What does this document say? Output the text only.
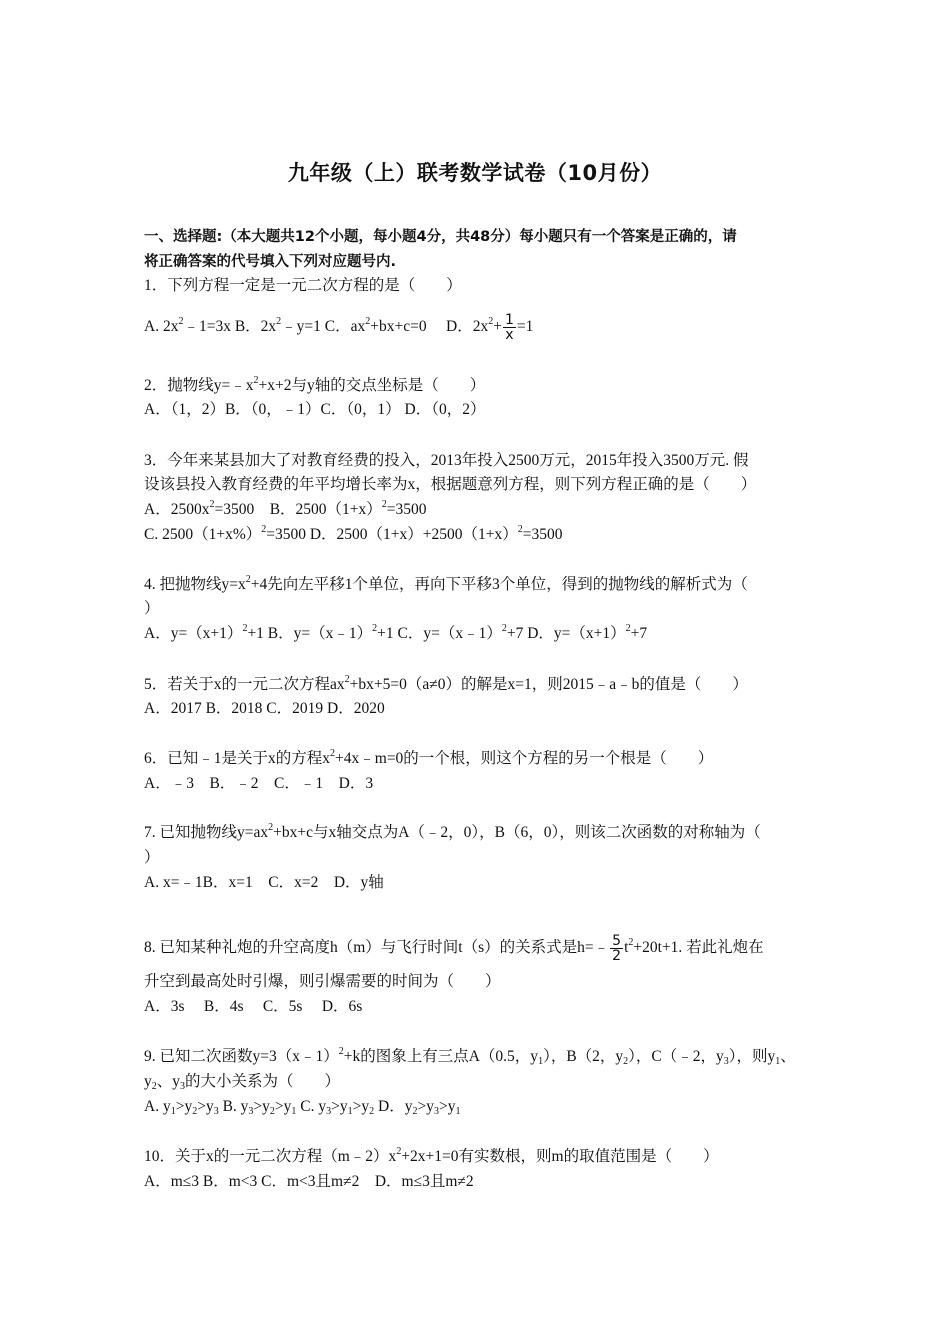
九年级（上）联考数学试卷（10月份）
一、选择题:（本大题共12个小题，每小题4分，共48分）每小题只有一个答案是正确的，请
将正确答案的代号填入下列对应题号内.
1．下列方程一定是一元二次方程的是（　　）
A. $2x^2﹣1=3x$ B．$2x^2﹣y=1$ C．$ax^2+bx+c=0$　 D．$2x^2+ \frac{1}{x} =1$
2．抛物线$y=﹣x^2+x+2$与y轴的交点坐标是（　　）
A．（1，2）B．（0，﹣1）C．（0，1） D．（0，2）
3．今年来某县加大了对教育经费的投入，2013年投入2500万元，2015年投入3500万元. 假
设该县投入教育经费的年平均增长率为x，根据题意列方程，则下列方程正确的是（　　）
A．$2500x^2=3500$　B．$2500(1+x)^2=3500$
C. $2500(1+x\%)^2=3500$ D．$2500(1+x)+2500(1+x)^2=3500$
4. 把抛物线$y=x^2+4$先向左平移1个单位，再向下平移3个单位，得到的抛物线的解析式为（
）
A．$y=(x+1)^2+1$ B．y=（x﹣1）$^2$+1 C．y=（x﹣1）$^2$+7 D．$y=(x+1)^2+7$
5．若关于x的一元二次方程$ax^2+bx+5=0(a\ne 0)$的解是x=1，则2015﹣a﹣b的值是（　　）
A．2017 B．2018 C．2019 D．2020
6．已知﹣1是关于x的方程$x^2+4x﹣m=0$的一个根，则这个方程的另一个根是（　　）
A．﹣3　B．﹣2　C．﹣1　D．3
7. 已知抛物线$y=ax^2+bx+c$与x轴交点为A（﹣2，0），B（6，0），则该二次函数的对称轴为（
）
A. x=﹣1B．x=1　C．x=2　D．y轴
8. 已知某种礼炮的升空高度h（m）与飞行时间t（s）的关系式是h=﹣ $\frac{5}{2} t^2+20t+1$. 若此礼炮在
升空到最高处时引爆，则引爆需要的时间为（　　）
A．3s　 B．4s　 C．5s　 D．6s
9. 已知二次函数y=3（x﹣1）$^2$+k的图象上有三点A（0.5，$y_1$），B（2，$y_2$），C（﹣2，$y_3$），则$y_1$、
$y_2$、$y_3$的大小关系为（　　）
A. $y_1>y_2>y_3$ B. $y_3>y_2>y_1$ C. $y_3>y_1>y_2$ D．$y_2>y_3>y_1$
10．关于x的一元二次方程$(m﹣2)x^2+2x+1=0$有实数根，则m的取值范围是（　　）
A．m≤3 B．m<3 C．m<3且m≠2　D．m≤3且m≠2
